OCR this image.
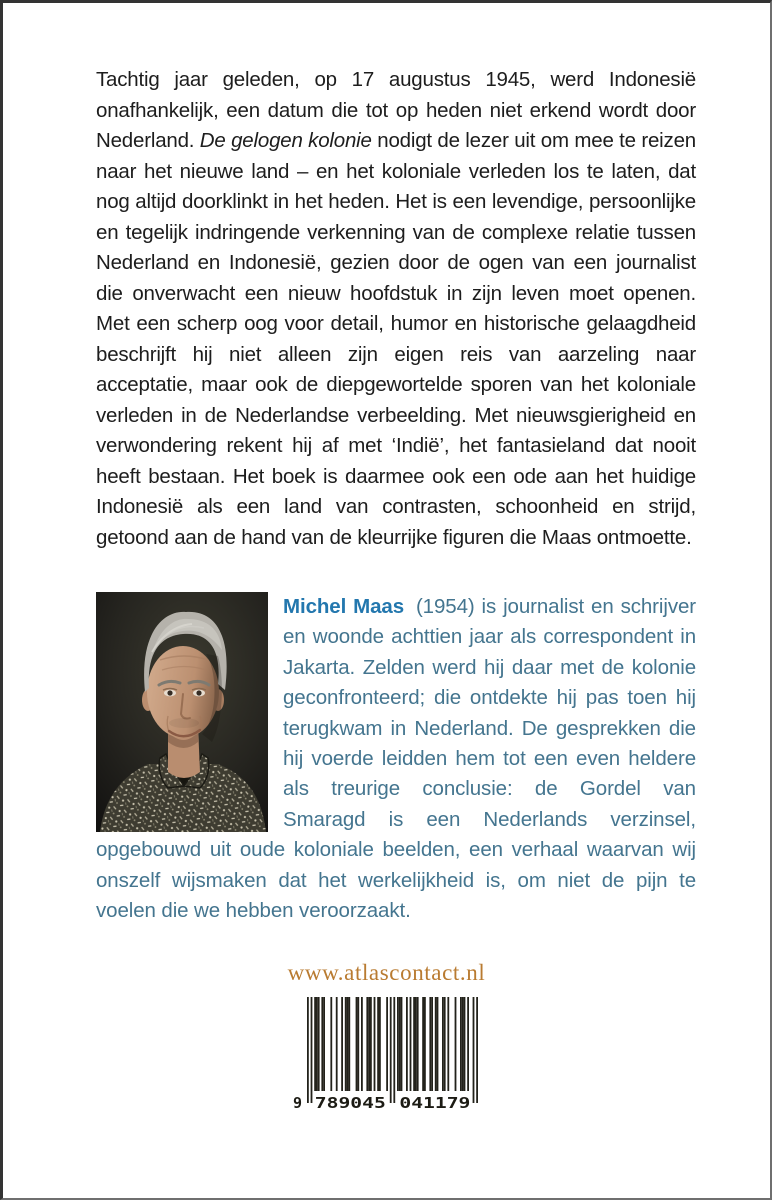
Tachtig jaar geleden, op 17 augustus 1945, werd Indonesië onafhankelijk, een datum die tot op heden niet erkend wordt door Nederland. De gelogen kolonie nodigt de lezer uit om mee te reizen naar het nieuwe land – en het koloniale verleden los te laten, dat nog altijd doorklinkt in het heden. Het is een levendige, persoonlijke en tegelijk indringende verkenning van de complexe relatie tussen Nederland en Indonesië, gezien door de ogen van een journalist die onverwacht een nieuw hoofdstuk in zijn leven moet openen. Met een scherp oog voor detail, humor en historische gelaagdheid beschrijft hij niet alleen zijn eigen reis van aarzeling naar acceptatie, maar ook de diepgewortelde sporen van het koloniale verleden in de Nederlandse verbeelding. Met nieuwsgierigheid en verwondering rekent hij af met ‘Indië’, het fantasieland dat nooit heeft bestaan. Het boek is daarmee ook een ode aan het huidige Indonesië als een land van contrasten, schoonheid en strijd, getoond aan de hand van de kleurrijke figuren die Maas ontmoette.

Michel Maas (1954) is journalist en schrijver en woonde achttien jaar als correspondent in Jakarta. Zelden werd hij daar met de kolonie geconfronteerd; die ontdekte hij pas toen hij terugkwam in Nederland. De gesprekken die hij voerde leidden hem tot een even heldere als treurige conclusie: de Gordel van Smaragd is een Nederlands verzinsel, opgebouwd uit oude koloniale beelden, een verhaal waarvan wij onszelf wijsmaken dat het werkelijkheid is, om niet de pijn te voelen die we hebben veroorzaakt.

www.atlascontact.nl
9 789045 041179
